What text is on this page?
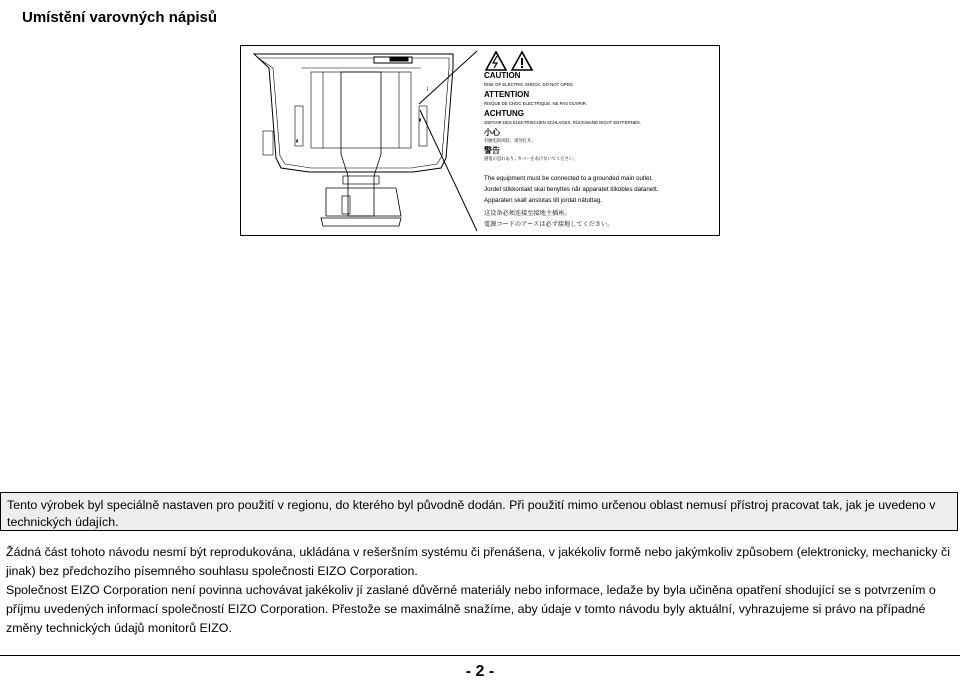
Umístění varovných nápisů
▮
▮
j
CAUTION
RISK OF ELECTRIC SHOCK. DO NOT OPEN.
ATTENTION
RISQUE DE CHOC ELECTRIQUE. NE PAS OUVRIR.
ACHTUNG
GEFAHR DES ELEKTRISCHEN SCHLAGES. RÜCKWAND NICHT ENTFERNEN.
小心
有触电的风险。请勿打开。
警告
感電の恐れあり｡ カバーをあけないでください｡
The equipment must be connected to a grounded main outlet.
Jordet stikkontakt skal benyttes når apparatet tilkobles datanett.
Apparaten skall anslutas till jordat nätuttag.
这设备必须连接至接地主插座。
電源コードのアースは必ず接地してください。
Tento výrobek byl speciálně nastaven pro použití v regionu, do kterého byl původně dodán. Při použití mimo určenou oblast nemusí přístroj pracovat tak, jak je uvedeno v technických údajích.
Žádná část tohoto návodu nesmí být reprodukována, ukládána v rešeršním systému či přenášena, v jakékoliv formě nebo jakýmkoliv způsobem (elektronicky, mechanicky či jinak) bez předchozího písemného souhlasu společnosti EIZO Corporation.
Společnost EIZO Corporation není povinna uchovávat jakékoliv jí zaslané důvěrné materiály nebo informace, ledaže by byla učiněna opatření shodující se s potvrzením o příjmu uvedených informací společností EIZO Corporation. Přestože se maximálně snažíme, aby údaje v tomto návodu byly aktuální, vyhrazujeme si právo na případné změny technických údajů monitorů EIZO.
- 2 -
